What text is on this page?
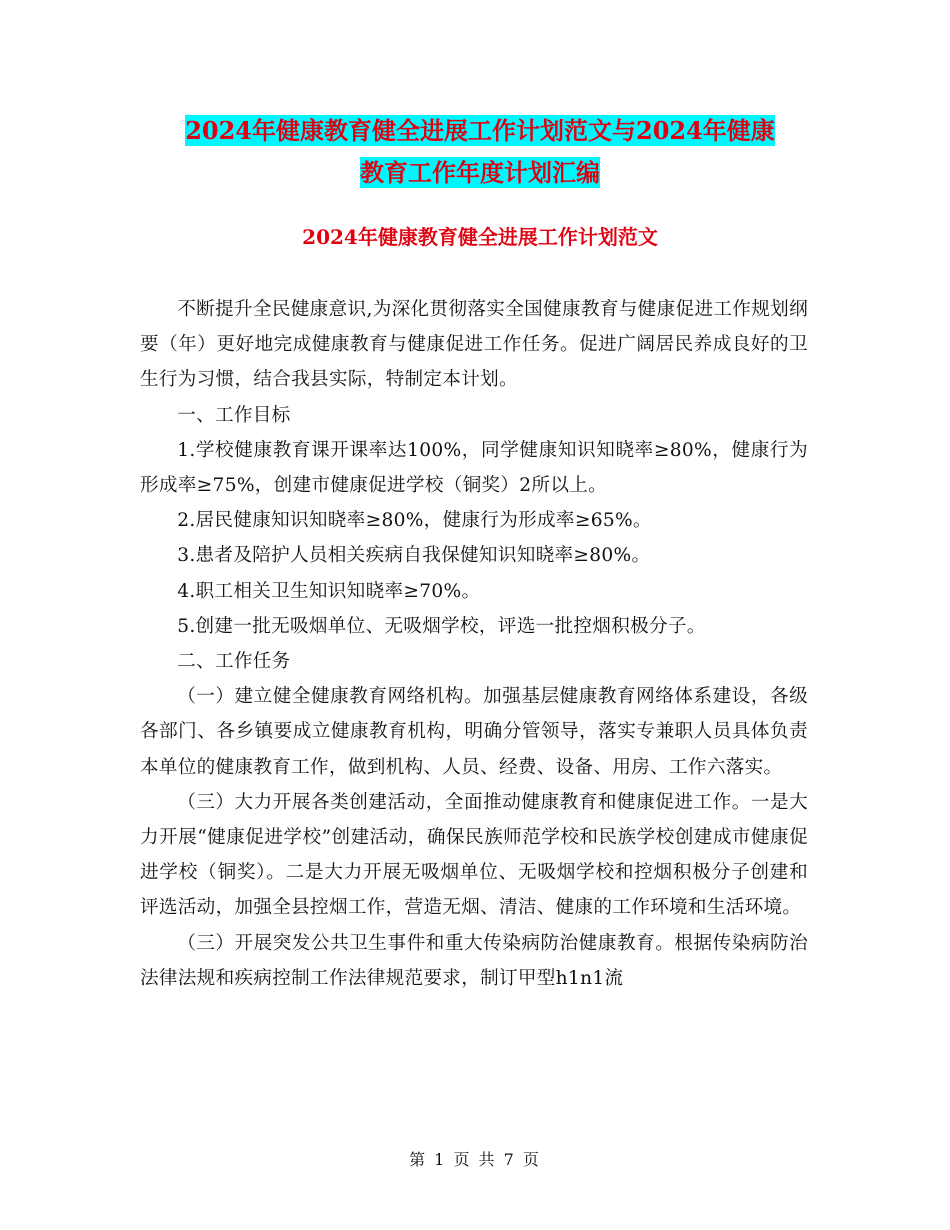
2024年健康教育健全进展工作计划范文与2024年健康
教育工作年度计划汇编
2024年健康教育健全进展工作计划范文

不断提升全民健康意识,为深化贯彻落实全国健康教育与健康促进工作规划纲要（年）更好地完成健康教育与健康促进工作任务。促进广阔居民养成良好的卫生行为习惯，结合我县实际，特制定本计划。

一、工作目标

1.学校健康教育课开课率达100%，同学健康知识知晓率≥80%，健康行为形成率≥75%，创建市健康促进学校（铜奖）2所以上。

2.居民健康知识知晓率≥80%，健康行为形成率≥65%。

3.患者及陪护人员相关疾病自我保健知识知晓率≥80%。

4.职工相关卫生知识知晓率≥70%。

5.创建一批无吸烟单位、无吸烟学校，评选一批控烟积极分子。

二、工作任务

（一）建立健全健康教育网络机构。加强基层健康教育网络体系建设，各级各部门、各乡镇要成立健康教育机构，明确分管领导，落实专兼职人员具体负责本单位的健康教育工作，做到机构、人员、经费、设备、用房、工作六落实。

（三）大力开展各类创建活动，全面推动健康教育和健康促进工作。一是大力开展“健康促进学校”创建活动，确保民族师范学校和民族学校创建成市健康促进学校（铜奖）。二是大力开展无吸烟单位、无吸烟学校和控烟积极分子创建和评选活动，加强全县控烟工作，营造无烟、清洁、健康的工作环境和生活环境。

（三）开展突发公共卫生事件和重大传染病防治健康教育。根据传染病防治法律法规和疾病控制工作法律规范要求，制订甲型h1n1流

第 1 页 共 7 页
